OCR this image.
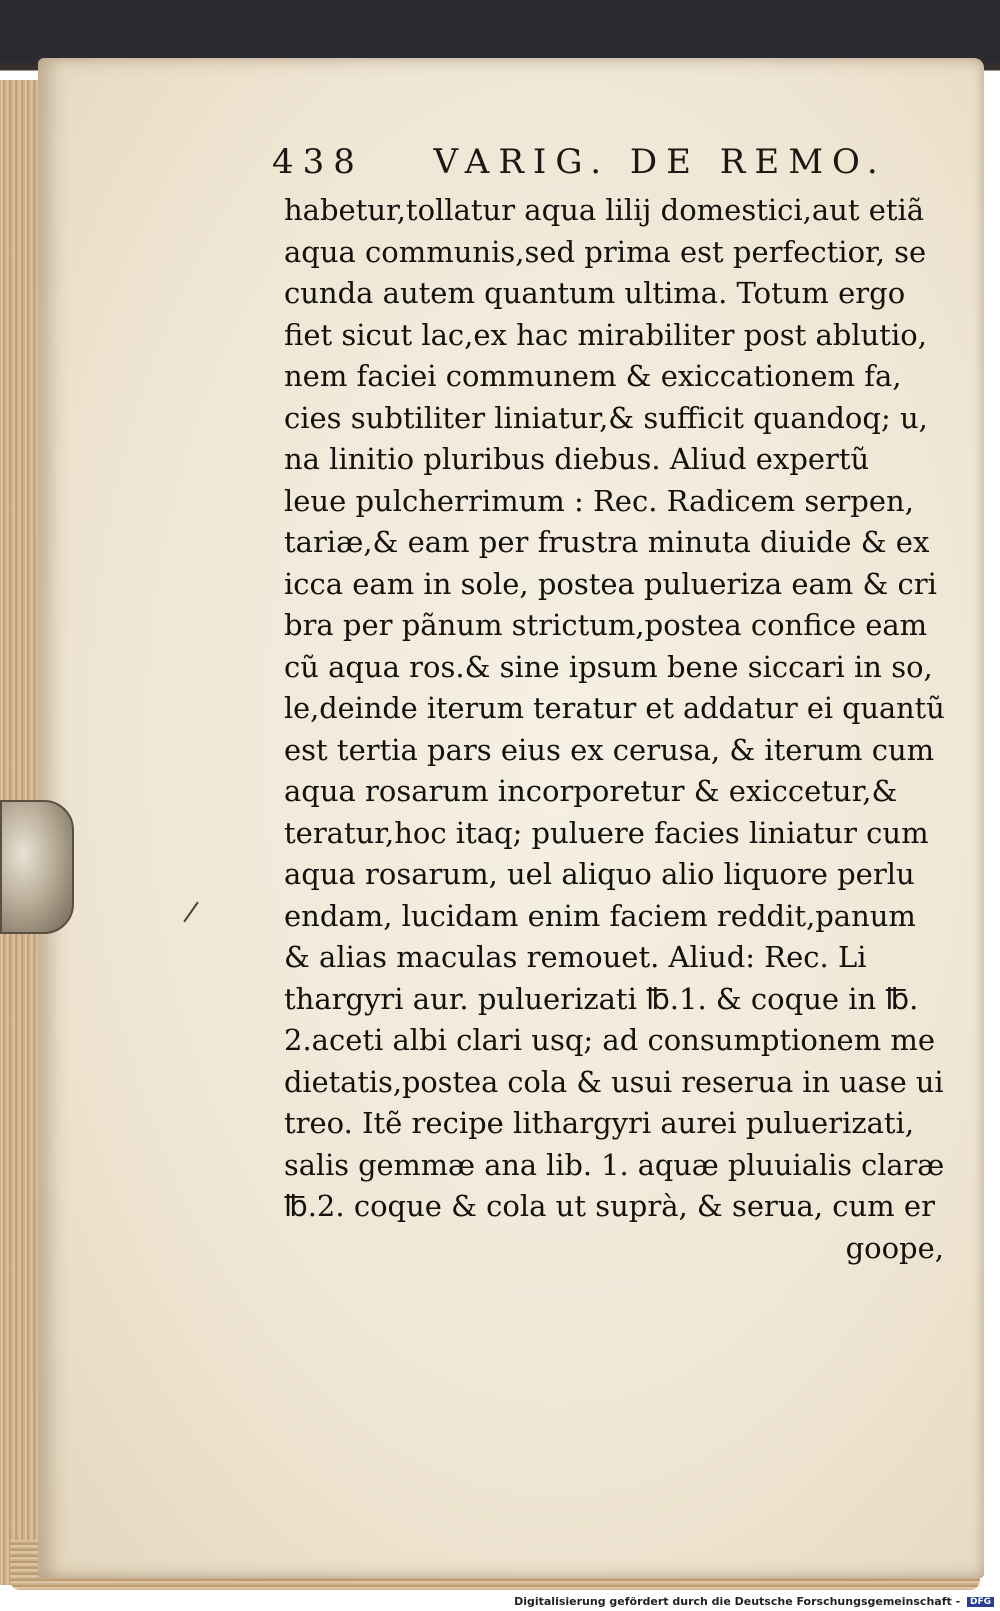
438 VARIG. DE REMO.
habetur,tollatur aqua lilij domestici,aut etiã
aqua communis,sed prima est perfectior, se
cunda autem quantum ultima. Totum ergo
fiet sicut lac,ex hac mirabiliter post ablutio,
nem faciei communem & exiccationem fa,
cies subtiliter liniatur,& sufficit quandoq; u,
na linitio pluribus diebus. Aliud expertũ
leue pulcherrimum : Rec. Radicem serpen,
tariæ,& eam per frustra minuta diuide & ex
icca eam in sole, postea pulueriza eam & cri
bra per pãnum strictum,postea confice eam
cũ aqua ros.& sine ipsum bene siccari in so,
le,deinde iterum teratur et addatur ei quantũ
est tertia pars eius ex cerusa, & iterum cum
aqua rosarum incorporetur & exiccetur,&
teratur,hoc itaq; puluere facies liniatur cum
aqua rosarum, uel aliquo alio liquore perlu
endam, lucidam enim faciem reddit,panum
& alias maculas remouet. Aliud: Rec. Li
thargyri aur. puluerizati ℔.1. & coque in ℔.
2.aceti albi clari usq; ad consumptionem me
dietatis,postea cola & usui reserua in uase ui
treo. Itẽ recipe lithargyri aurei puluerizati,
salis gemmæ ana lib. 1. aquæ pluuialis claræ
℔.2. coque & cola ut suprà, & serua, cum er
goope,
Digitalisierung gefördert durch die Deutsche Forschungsgemeinschaft - DFG
